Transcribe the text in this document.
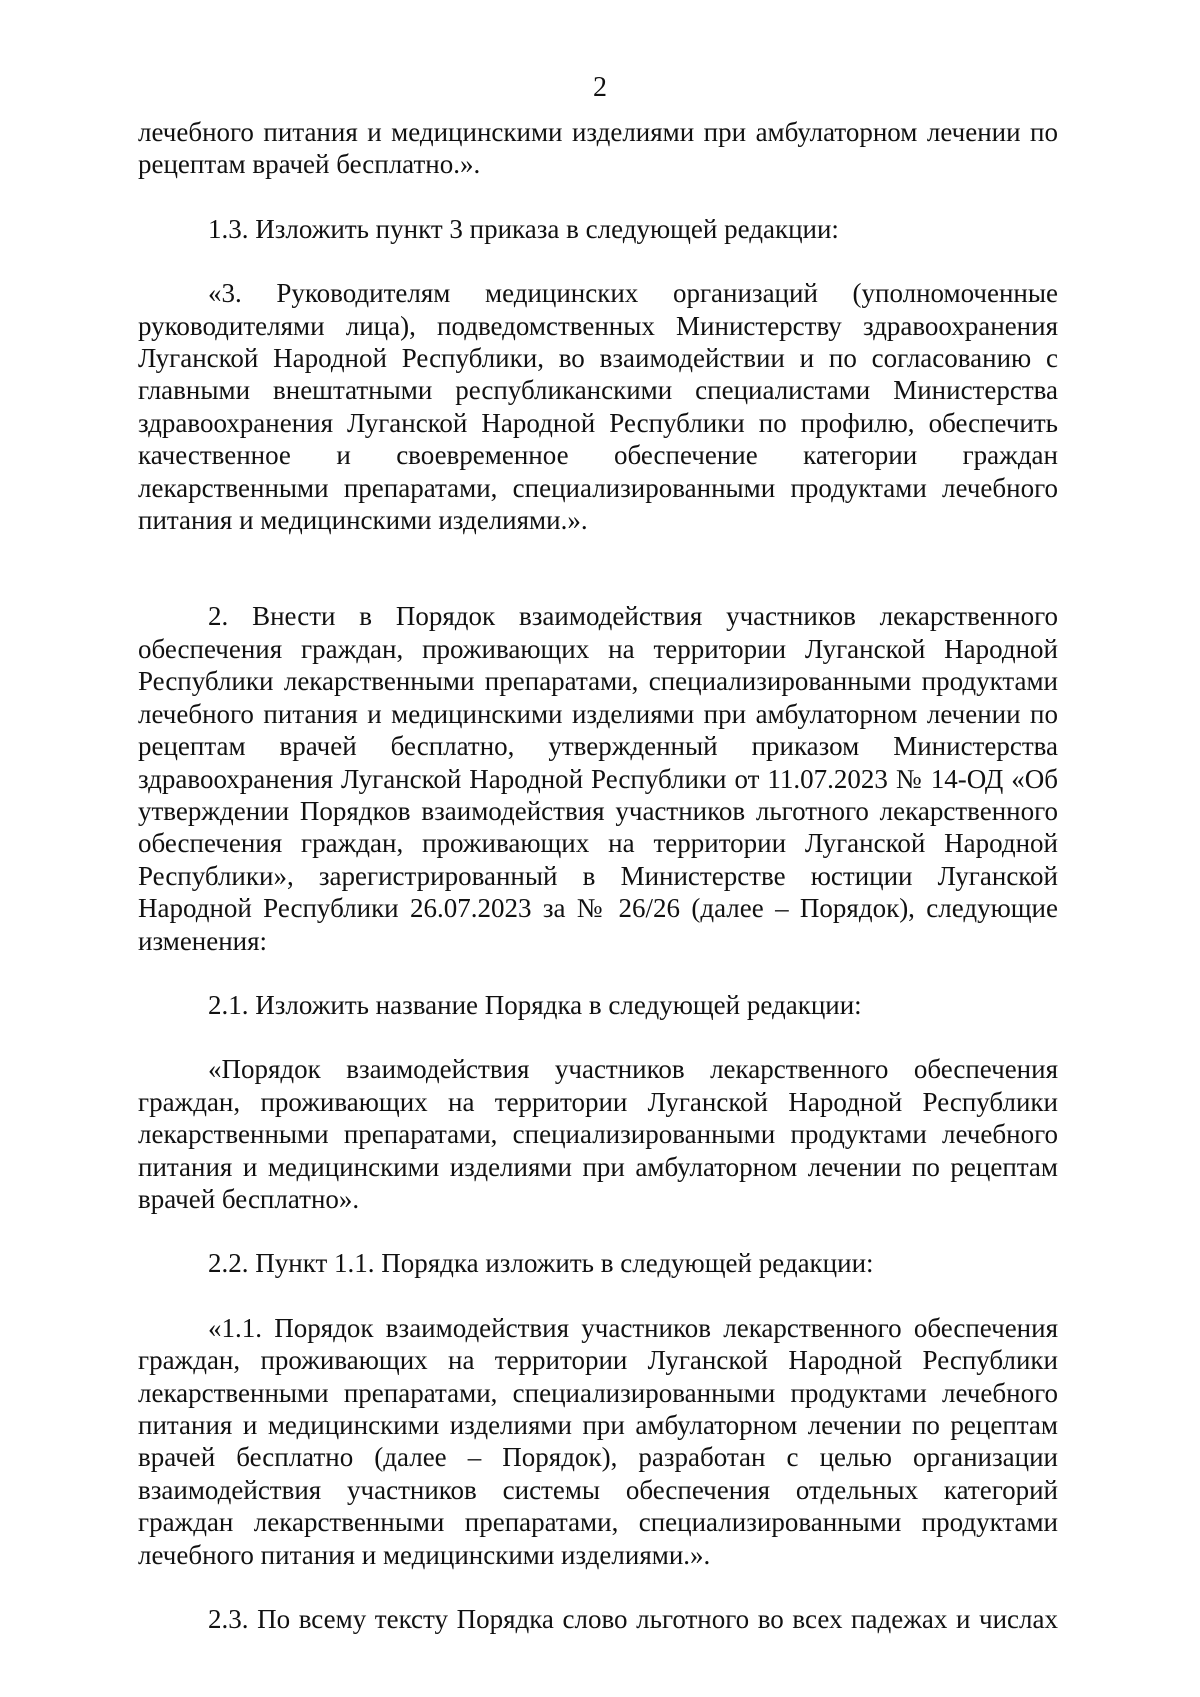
2

лечебного питания и медицинскими изделиями при амбулаторном лечении по рецептам врачей бесплатно.».

1.3. Изложить пункт 3 приказа в следующей редакции:

«3. Руководителям медицинских организаций (уполномоченные руководителями лица), подведомственных Министерству здравоохранения Луганской Народной Республики, во взаимодействии и по согласованию с главными внештатными республиканскими специалистами Министерства здравоохранения Луганской Народной Республики по профилю, обеспечить качественное и своевременное обеспечение категории граждан лекарственными препаратами, специализированными продуктами лечебного питания и медицинскими изделиями.».

2. Внести в Порядок взаимодействия участников лекарственного обеспечения граждан, проживающих на территории Луганской Народной Республики лекарственными препаратами, специализированными продуктами лечебного питания и медицинскими изделиями при амбулаторном лечении по рецептам врачей бесплатно, утвержденный приказом Министерства здравоохранения Луганской Народной Республики от 11.07.2023 № 14-ОД «Об утверждении Порядков взаимодействия участников льготного лекарственного обеспечения граждан, проживающих на территории Луганской Народной Республики», зарегистрированный в Министерстве юстиции Луганской Народной Республики 26.07.2023 за № 26/26 (далее – Порядок), следующие изменения:

2.1. Изложить название Порядка в следующей редакции:

«Порядок взаимодействия участников лекарственного обеспечения граждан, проживающих на территории Луганской Народной Республики лекарственными препаратами, специализированными продуктами лечебного питания и медицинскими изделиями при амбулаторном лечении по рецептам врачей бесплатно».

2.2. Пункт 1.1. Порядка изложить в следующей редакции:

«1.1. Порядок взаимодействия участников лекарственного обеспечения граждан, проживающих на территории Луганской Народной Республики лекарственными препаратами, специализированными продуктами лечебного питания и медицинскими изделиями при амбулаторном лечении по рецептам врачей бесплатно (далее – Порядок), разработан с целью организации взаимодействия участников системы обеспечения отдельных категорий граждан лекарственными препаратами, специализированными продуктами лечебного питания и медицинскими изделиями.».

2.3. По всему тексту Порядка слово льготного во всех падежах и числах
